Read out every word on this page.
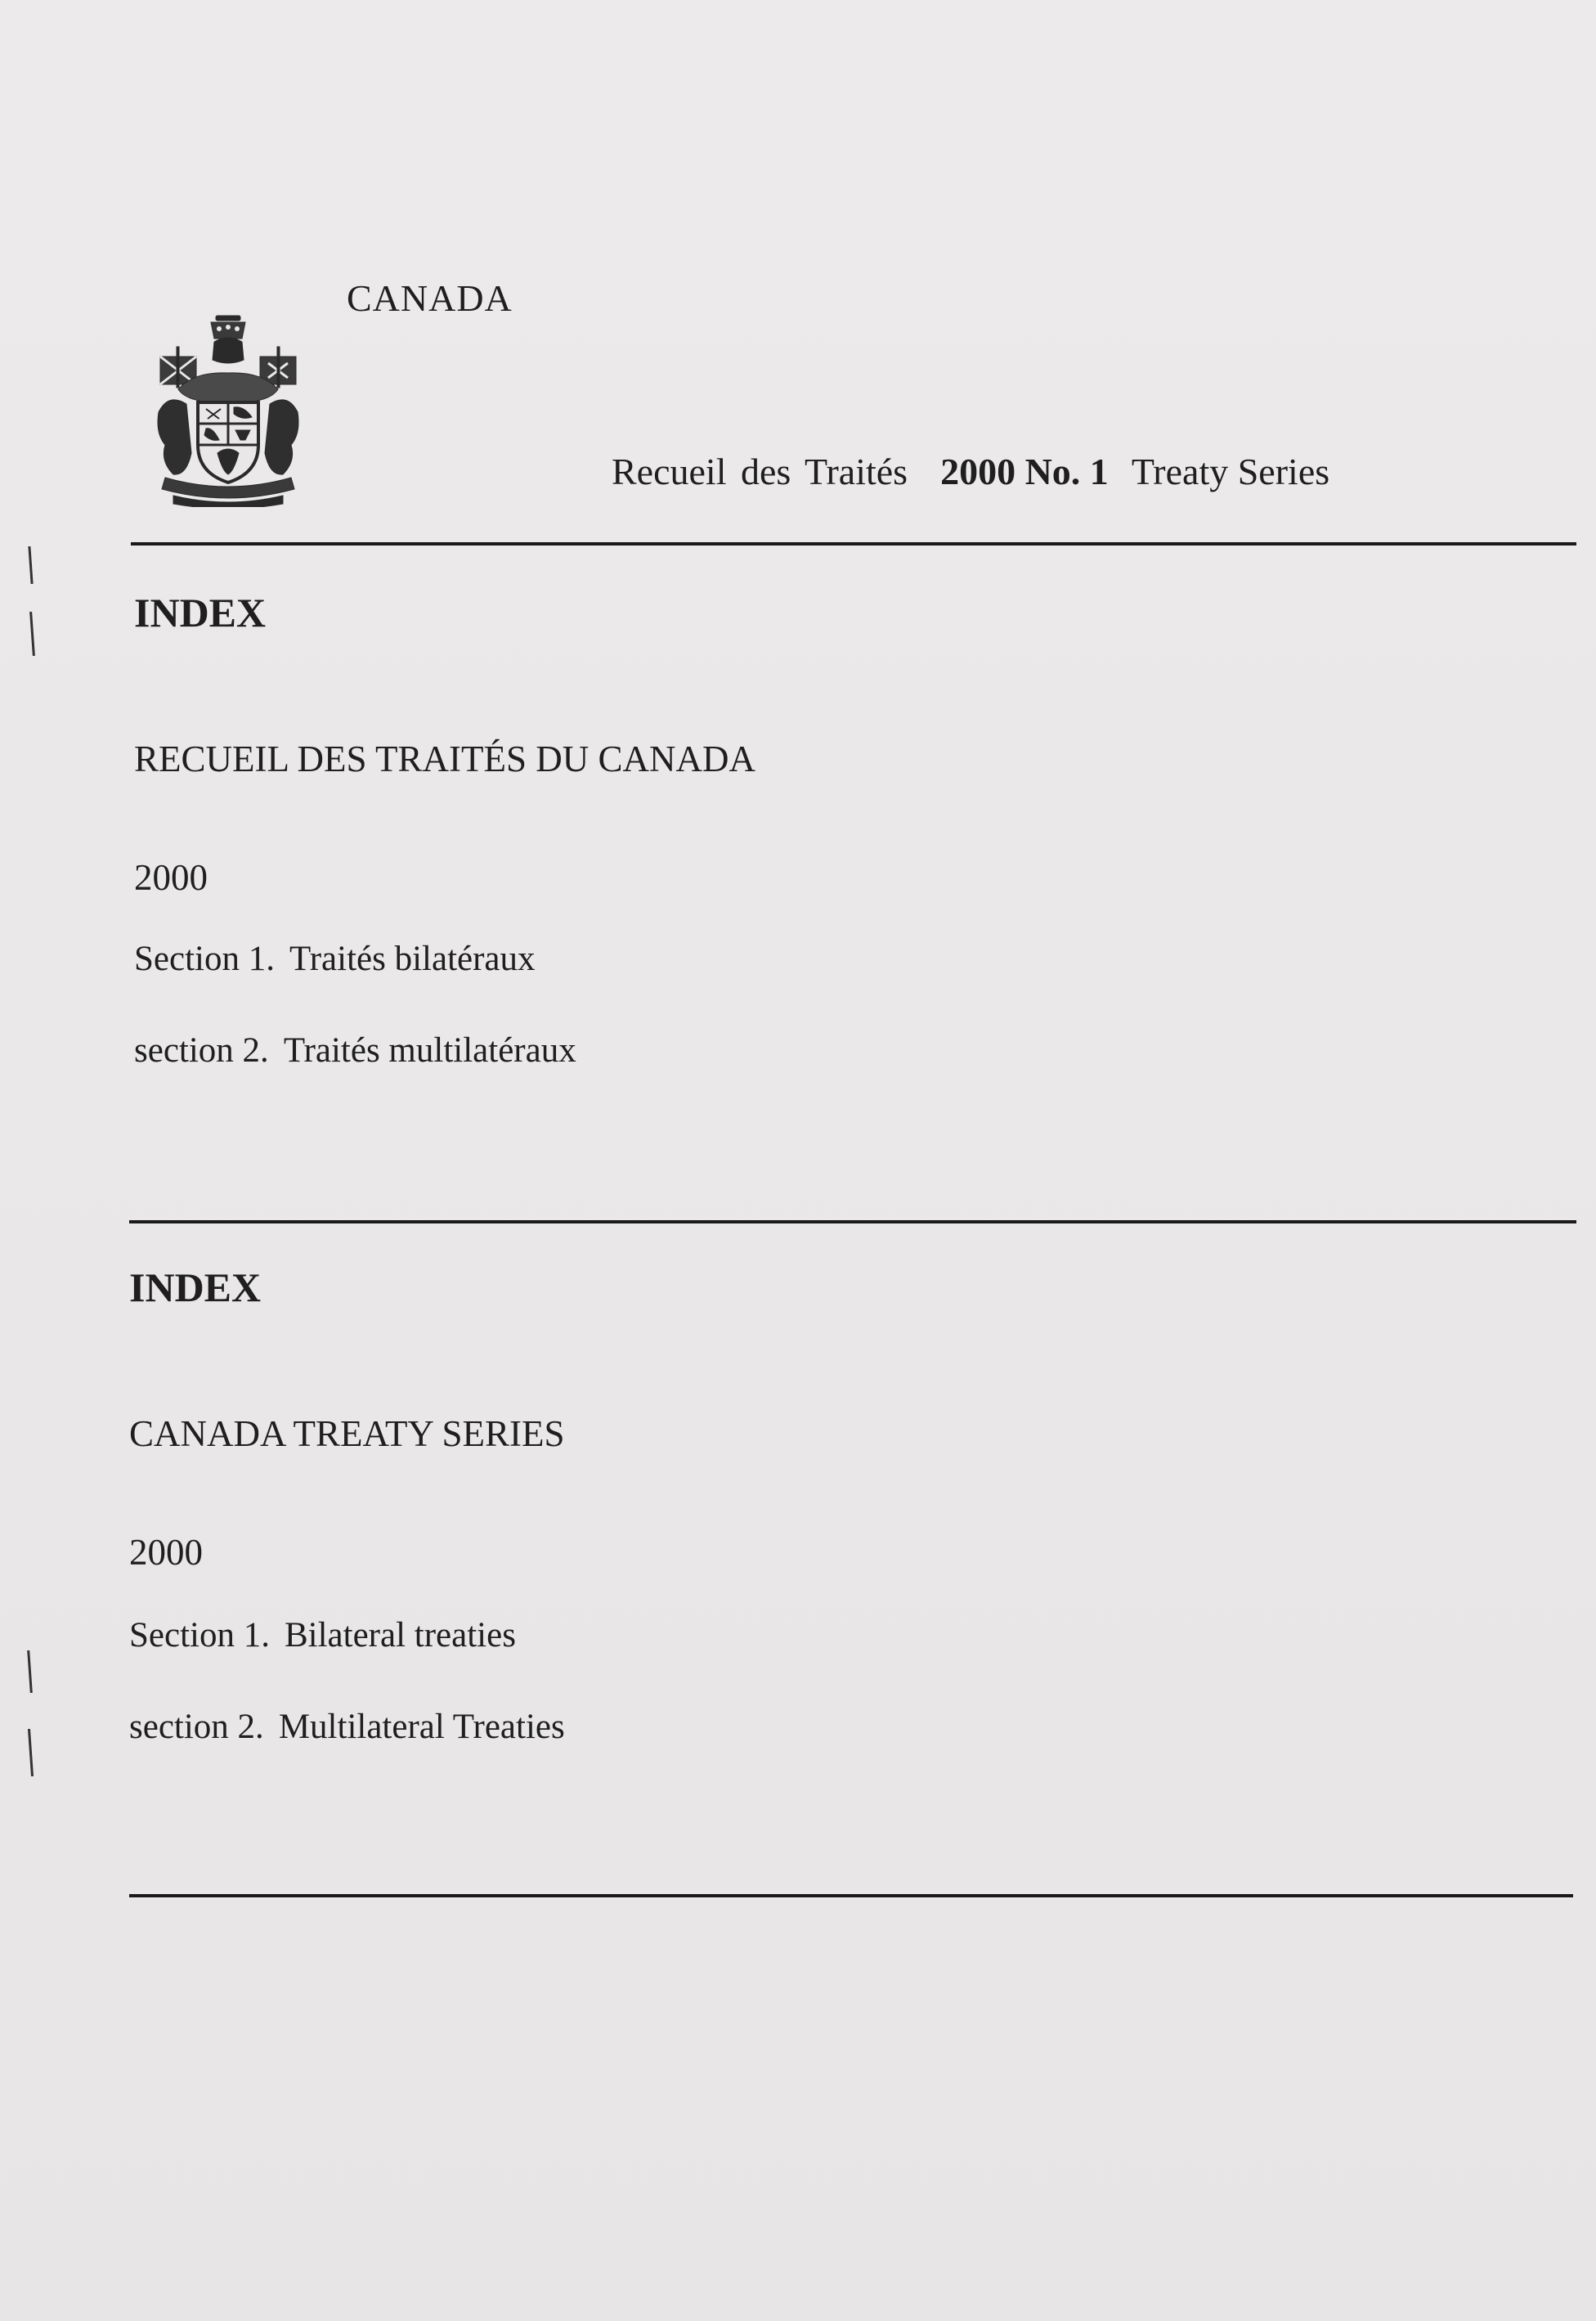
CANADA
Recueil des Traités 2000 No. 1 Treaty Series
INDEX
RECUEIL DES TRAITÉS DU CANADA
2000
Section 1. Traités bilatéraux
section 2. Traités multilatéraux
INDEX
CANADA TREATY SERIES
2000
Section 1. Bilateral treaties
section 2. Multilateral Treaties
